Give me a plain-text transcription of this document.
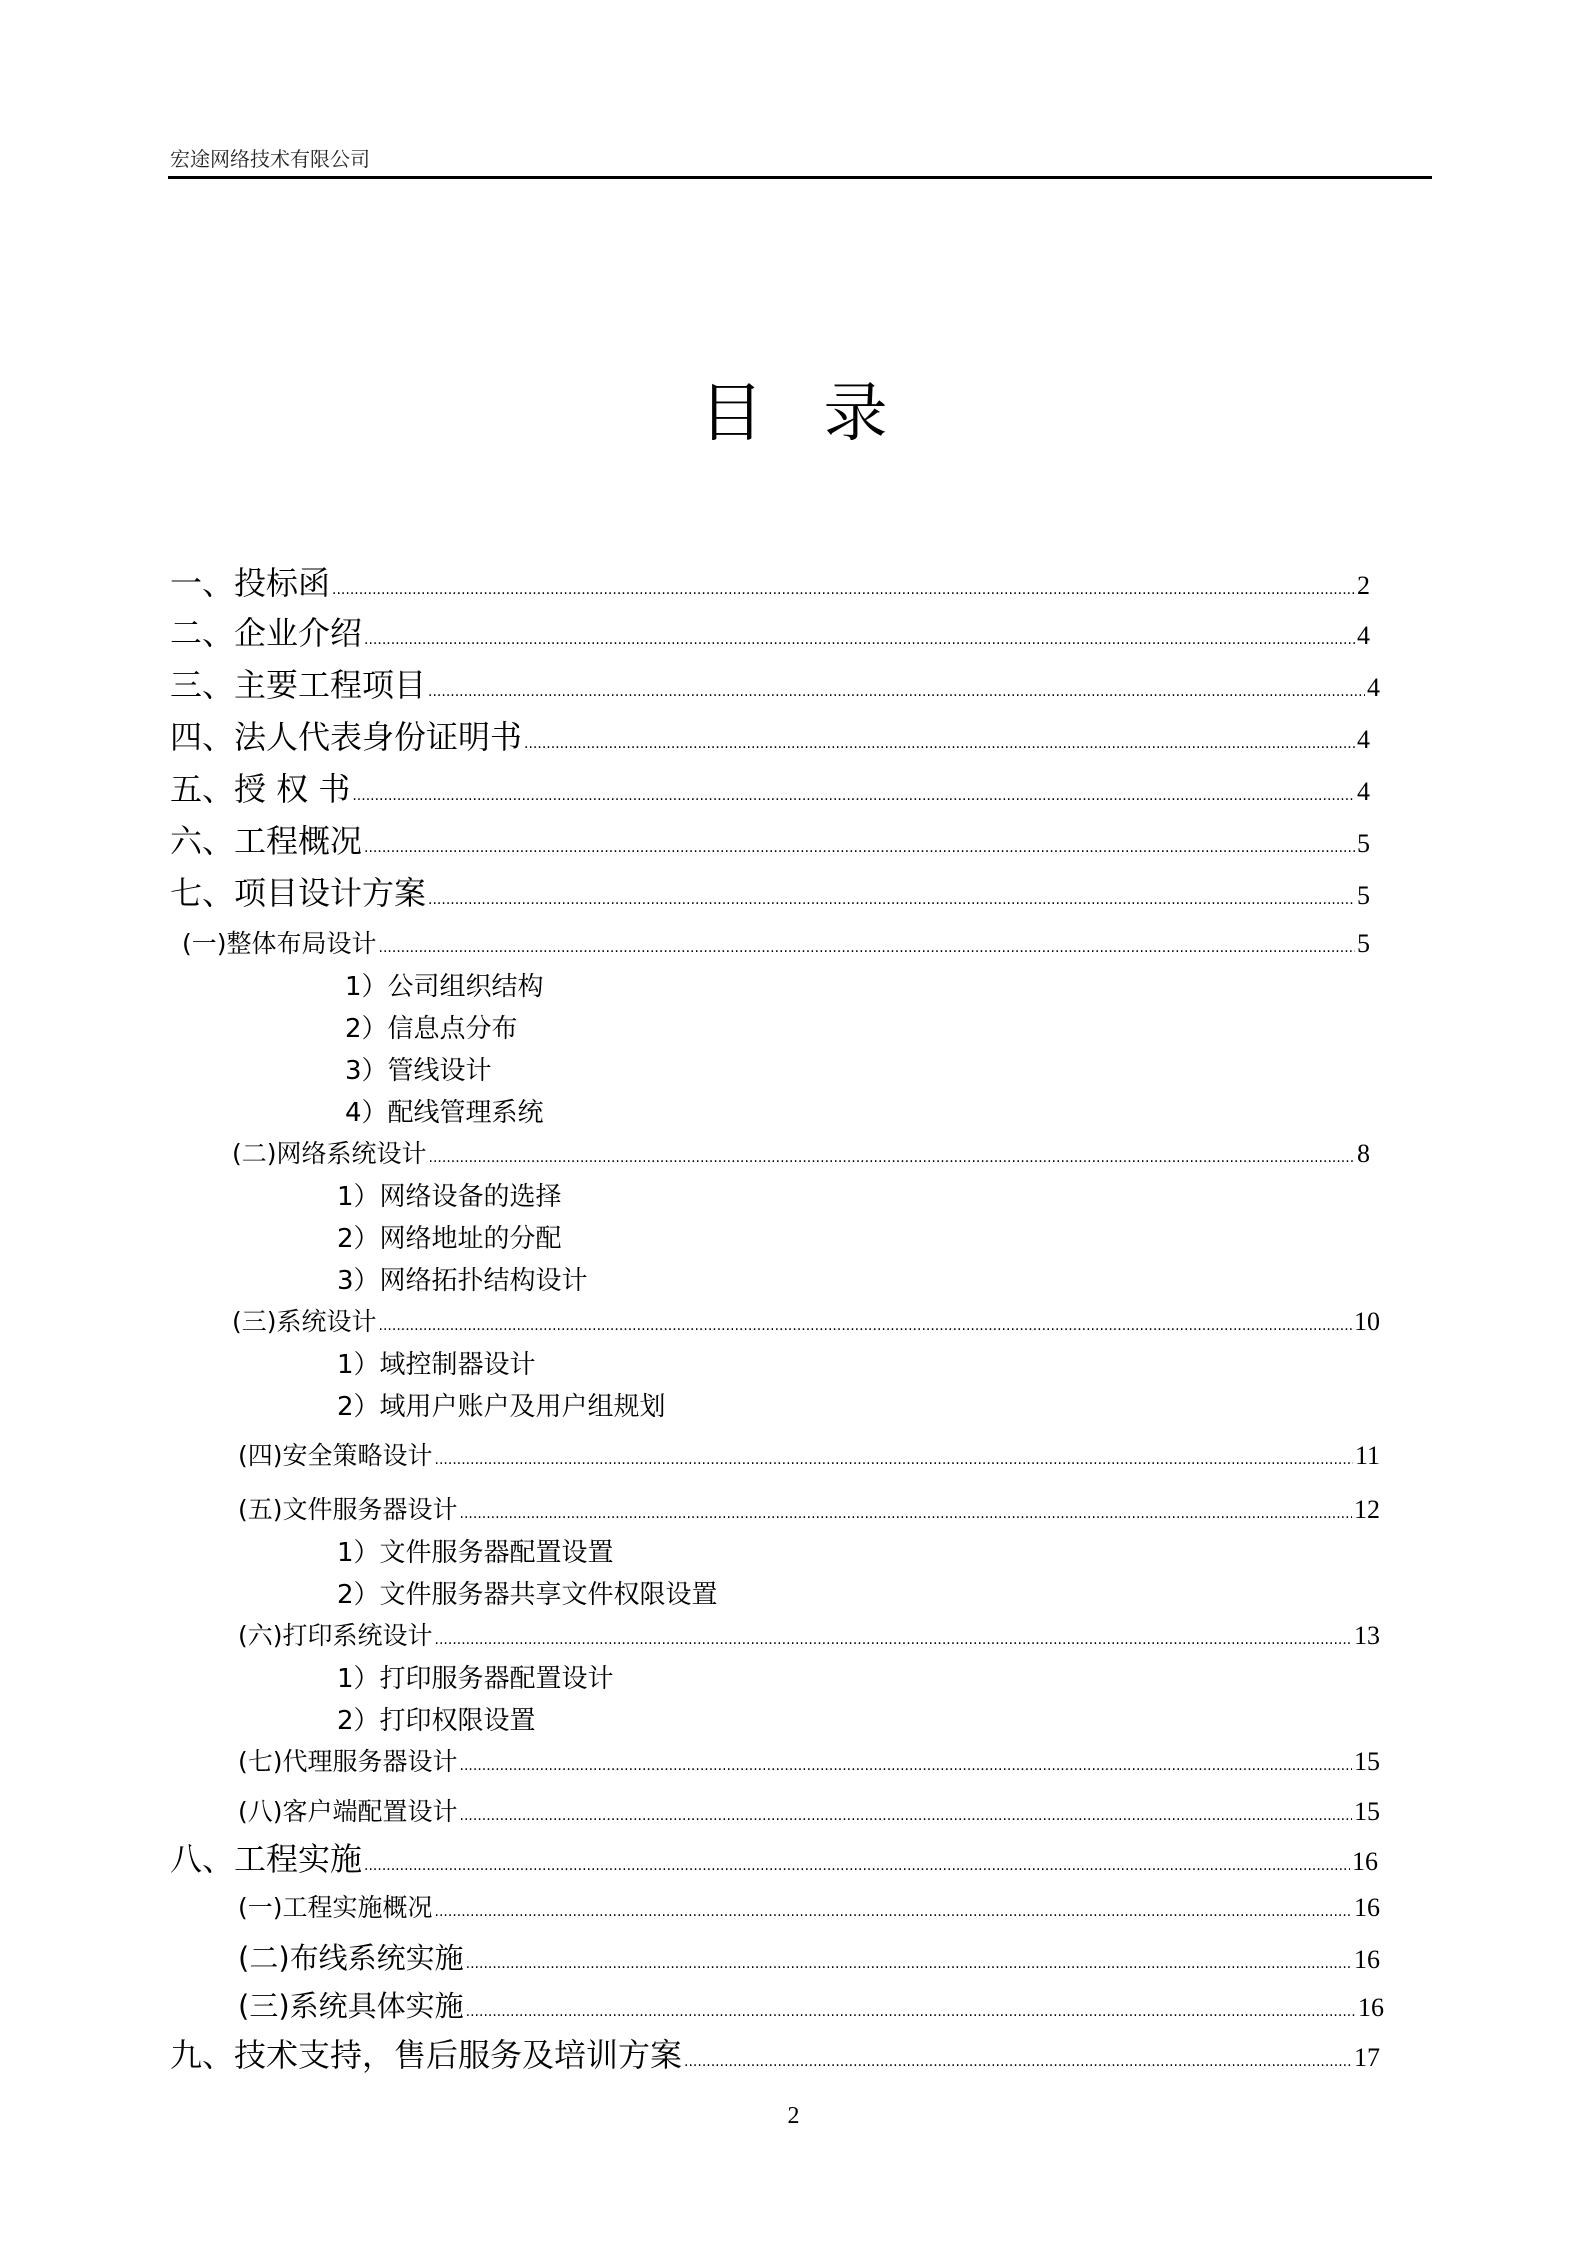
宏途网络技术有限公司
目录
一、投标函 .....	2
二、企业介绍 .....	4
三、主要工程项目 .....	4
四、法人代表身份证明书 .....	4
五、授 权 书 .....	4
六、工程概况 .....	5
七、项目设计方案 .....	5
(一)整体布局设计 .....	5
1）公司组织结构
2）信息点分布
3）管线设计
4）配线管理系统
(二)网络系统设计 .....	8
1）网络设备的选择
2）网络地址的分配
3）网络拓扑结构设计
(三)系统设计 .....	10
1）域控制器设计
2）域用户账户及用户组规划
(四)安全策略设计 .....	11
(五)文件服务器设计 .....	12
1）文件服务器配置设置
2）文件服务器共享文件权限设置
(六)打印系统设计 .....	13
1）打印服务器配置设计
2）打印权限设置
(七)代理服务器设计 .....	15
(八)客户端配置设计 .....	15
八、工程实施 .....	16
(一)工程实施概况 .....	16
(二)布线系统实施 .....	16
(三)系统具体实施 .....	16
九、技术支持，售后服务及培训方案 .....	17
2
